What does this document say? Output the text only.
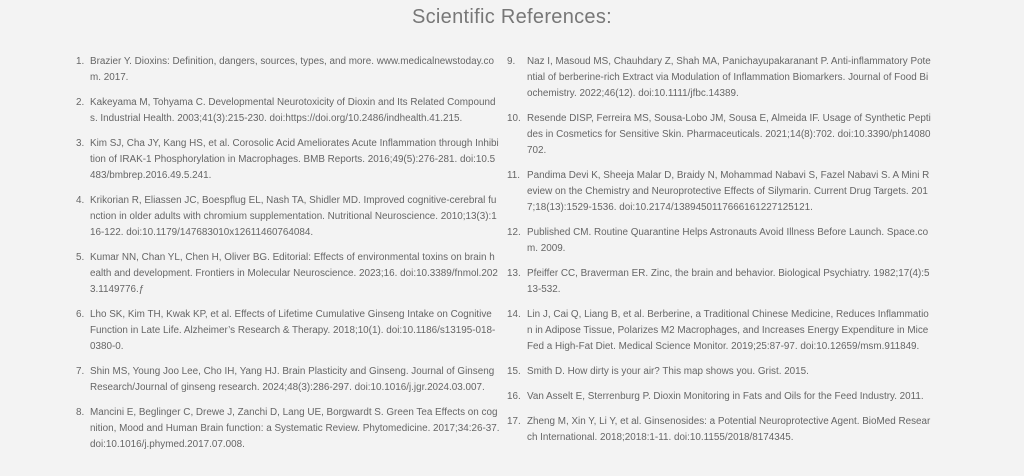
Scientific References:
1. Brazier Y. Dioxins: Definition, dangers, sources, types, and more. www.medicalnewstoday.com. 2017.
2. Kakeyama M, Tohyama C. Developmental Neurotoxicity of Dioxin and Its Related Compounds. Industrial Health. 2003;41(3):215-230. doi:https://doi.org/10.2486/indhealth.41.215.
3. Kim SJ, Cha JY, Kang HS, et al. Corosolic Acid Ameliorates Acute Inflammation through Inhibition of IRAK-1 Phosphorylation in Macrophages. BMB Reports. 2016;49(5):276-281. doi:10.5483/bmbrep.2016.49.5.241.
4. Krikorian R, Eliassen JC, Boespflug EL, Nash TA, Shidler MD. Improved cognitive-cerebral function in older adults with chromium supplementation. Nutritional Neuroscience. 2010;13(3):116-122. doi:10.1179/147683010x12611460764084.
5. Kumar NN, Chan YL, Chen H, Oliver BG. Editorial: Effects of environmental toxins on brain health and development. Frontiers in Molecular Neuroscience. 2023;16. doi:10.3389/fnmol.2023.1149776.ƒ
6. Lho SK, Kim TH, Kwak KP, et al. Effects of Lifetime Cumulative Ginseng Intake on Cognitive Function in Late Life. Alzheimer’s Research & Therapy. 2018;10(1). doi:10.1186/s13195-018-0380-0.
7. Shin MS, Young Joo Lee, Cho IH, Yang HJ. Brain Plasticity and Ginseng. Journal of Ginseng Research/Journal of ginseng research. 2024;48(3):286-297. doi:10.1016/j.jgr.2024.03.007.
8. Mancini E, Beglinger C, Drewe J, Zanchi D, Lang UE, Borgwardt S. Green Tea Effects on cognition, Mood and Human Brain function: a Systematic Review. Phytomedicine. 2017;34:26-37. doi:10.1016/j.phymed.2017.07.008.
9. Naz I, Masoud MS, Chauhdary Z, Shah MA, Panichayupakaranant P. Anti-inflammatory Potential of berberine-rich Extract via Modulation of Inflammation Biomarkers. Journal of Food Biochemistry. 2022;46(12). doi:10.1111/jfbc.14389.
10. Resende DISP, Ferreira MS, Sousa-Lobo JM, Sousa E, Almeida IF. Usage of Synthetic Peptides in Cosmetics for Sensitive Skin. Pharmaceuticals. 2021;14(8):702. doi:10.3390/ph14080702.
11. Pandima Devi K, Sheeja Malar D, Braidy N, Mohammad Nabavi S, Fazel Nabavi S. A Mini Review on the Chemistry and Neuroprotective Effects of Silymarin. Current Drug Targets. 2017;18(13):1529-1536. doi:10.2174/1389450117666161227125121.
12. Published CM. Routine Quarantine Helps Astronauts Avoid Illness Before Launch. Space.com. 2009.
13. Pfeiffer CC, Braverman ER. Zinc, the brain and behavior. Biological Psychiatry. 1982;17(4):513-532.
14. Lin J, Cai Q, Liang B, et al. Berberine, a Traditional Chinese Medicine, Reduces Inflammation in Adipose Tissue, Polarizes M2 Macrophages, and Increases Energy Expenditure in Mice Fed a High-Fat Diet. Medical Science Monitor. 2019;25:87-97. doi:10.12659/msm.911849.
15. Smith D. How dirty is your air? This map shows you. Grist. 2015.
16. Van Asselt E, Sterrenburg P. Dioxin Monitoring in Fats and Oils for the Feed Industry. 2011.
17. Zheng M, Xin Y, Li Y, et al. Ginsenosides: a Potential Neuroprotective Agent. BioMed Research International. 2018;2018:1-11. doi:10.1155/2018/8174345.
